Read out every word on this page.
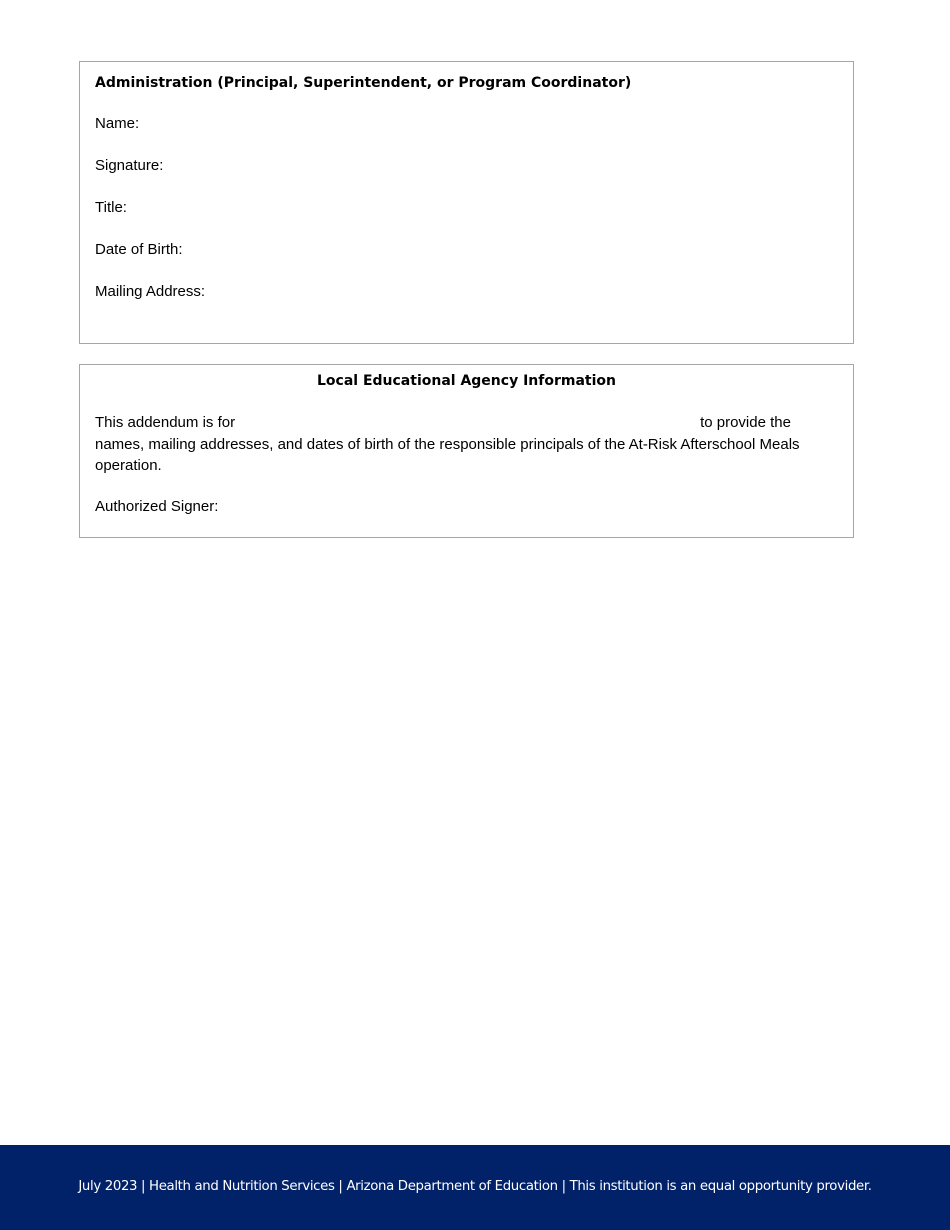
Administration (Principal, Superintendent, or Program Coordinator)
Name:
Signature:
Title:
Date of Birth:
Mailing Address:
Local Educational Agency Information
This addendum is for	to provide the names, mailing addresses, and dates of birth of the responsible principals of the At-Risk Afterschool Meals operation.
Authorized Signer:
July 2023 | Health and Nutrition Services | Arizona Department of Education | This institution is an equal opportunity provider.
